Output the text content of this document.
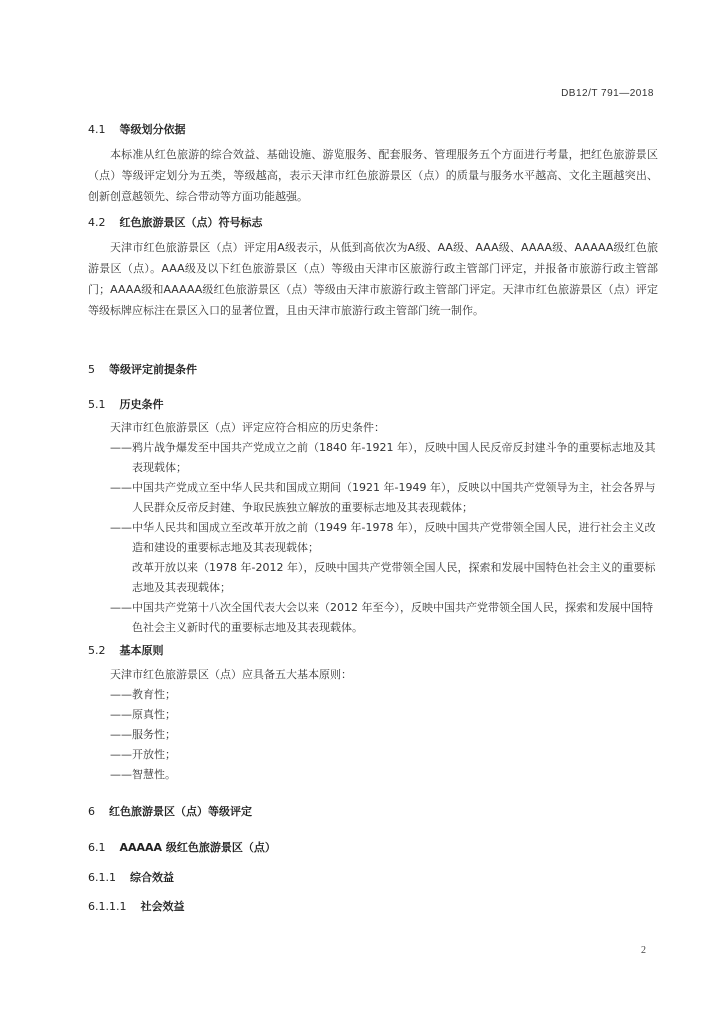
DB12/T 791—2018
4.1 等级划分依据
本标准从红色旅游的综合效益、基础设施、游览服务、配套服务、管理服务五个方面进行考量，把红色旅游景区（点）等级评定划分为五类，等级越高，表示天津市红色旅游景区（点）的质量与服务水平越高、文化主题越突出、创新创意越领先、综合带动等方面功能越强。
4.2 红色旅游景区（点）符号标志
天津市红色旅游景区（点）评定用A级表示，从低到高依次为A级、AA级、AAA级、AAAA级、AAAAA级红色旅游景区（点）。AAA级及以下红色旅游景区（点）等级由天津市区旅游行政主管部门评定，并报备市旅游行政主管部门；AAAA级和AAAAA级红色旅游景区（点）等级由天津市旅游行政主管部门评定。天津市红色旅游景区（点）评定等级标牌应标注在景区入口的显著位置，且由天津市旅游行政主管部门统一制作。
5 等级评定前提条件
5.1 历史条件
天津市红色旅游景区（点）评定应符合相应的历史条件：
——鸦片战争爆发至中国共产党成立之前（1840 年-1921 年），反映中国人民反帝反封建斗争的重要标志地及其表现载体；
——中国共产党成立至中华人民共和国成立期间（1921 年-1949 年），反映以中国共产党领导为主，社会各界与人民群众反帝反封建、争取民族独立解放的重要标志地及其表现载体；
——中华人民共和国成立至改革开放之前（1949 年-1978 年），反映中国共产党带领全国人民，进行社会主义改造和建设的重要标志地及其表现载体；
改革开放以来（1978 年-2012 年），反映中国共产党带领全国人民，探索和发展中国特色社会主义的重要标志地及其表现载体；
——中国共产党第十八次全国代表大会以来（2012 年至今），反映中国共产党带领全国人民，探索和发展中国特色社会主义新时代的重要标志地及其表现载体。
5.2 基本原则
天津市红色旅游景区（点）应具备五大基本原则：
——教育性；
——原真性；
——服务性；
——开放性；
——智慧性。
6 红色旅游景区（点）等级评定
6.1 AAAAA 级红色旅游景区（点）
6.1.1 综合效益
6.1.1.1 社会效益
2
